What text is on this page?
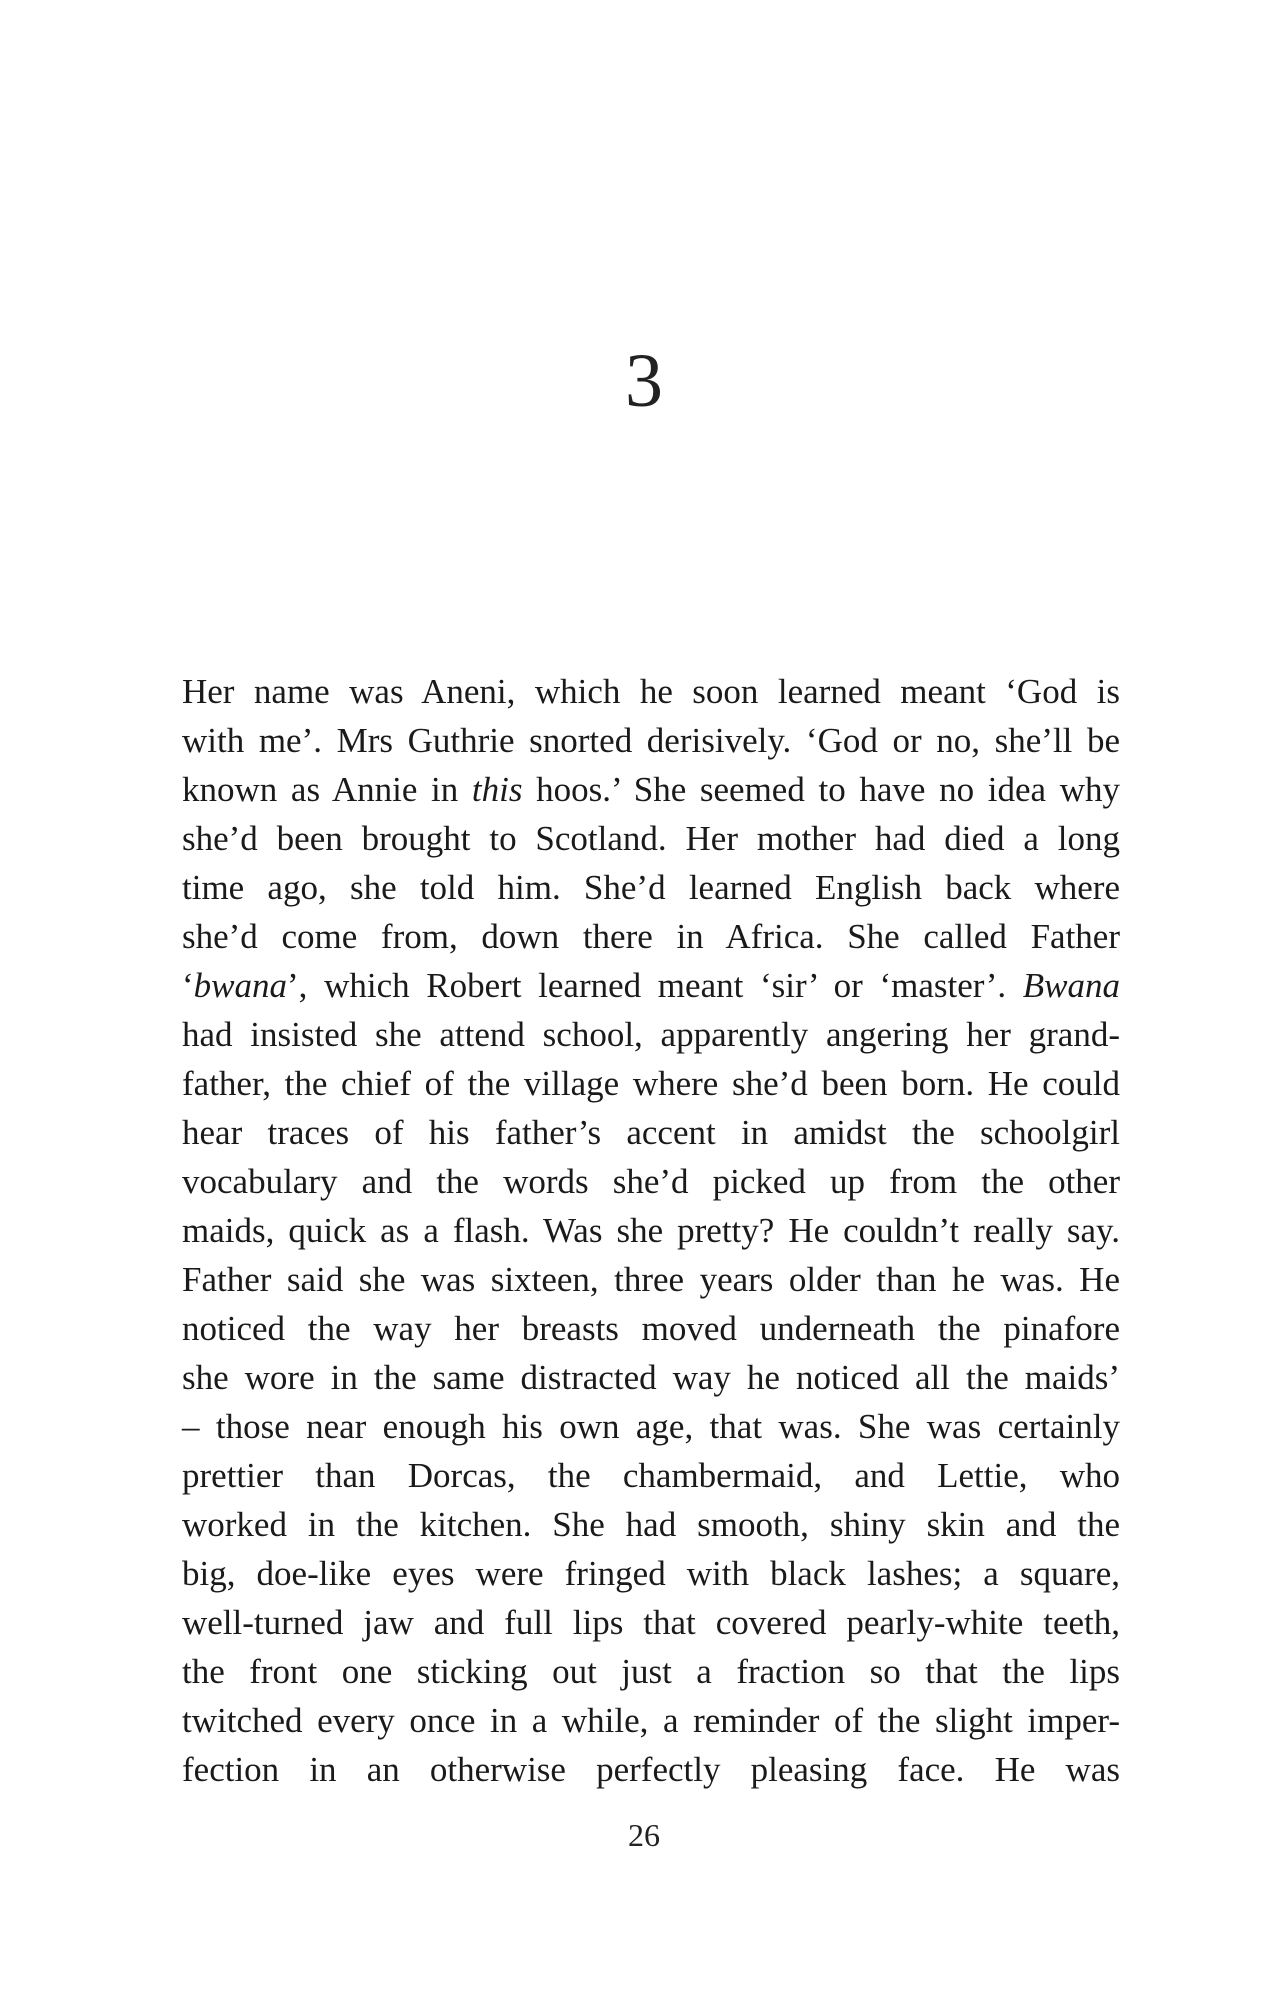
3
Her name was Aneni, which he soon learned meant ‘God is
with me’. Mrs Guthrie snorted derisively. ‘God or no, she’ll be
known as Annie in this hoos.’ She seemed to have no idea why
she’d been brought to Scotland. Her mother had died a long
time ago, she told him. She’d learned English back where
she’d come from, down there in Africa. She called Father
‘bwana’, which Robert learned meant ‘sir’ or ‘master’. Bwana
had insisted she attend school, apparently angering her grand-
father, the chief of the village where she’d been born. He could
hear traces of his father’s accent in amidst the schoolgirl
vocabulary and the words she’d picked up from the other
maids, quick as a flash. Was she pretty? He couldn’t really say.
Father said she was sixteen, three years older than he was. He
noticed the way her breasts moved underneath the pinafore
she wore in the same distracted way he noticed all the maids’
– those near enough his own age, that was. She was certainly
prettier than Dorcas, the chambermaid, and Lettie, who
worked in the kitchen. She had smooth, shiny skin and the
big, doe-like eyes were fringed with black lashes; a square,
well-turned jaw and full lips that covered pearly-white teeth,
the front one sticking out just a fraction so that the lips
twitched every once in a while, a reminder of the slight imper-
fection in an otherwise perfectly pleasing face. He was
26
